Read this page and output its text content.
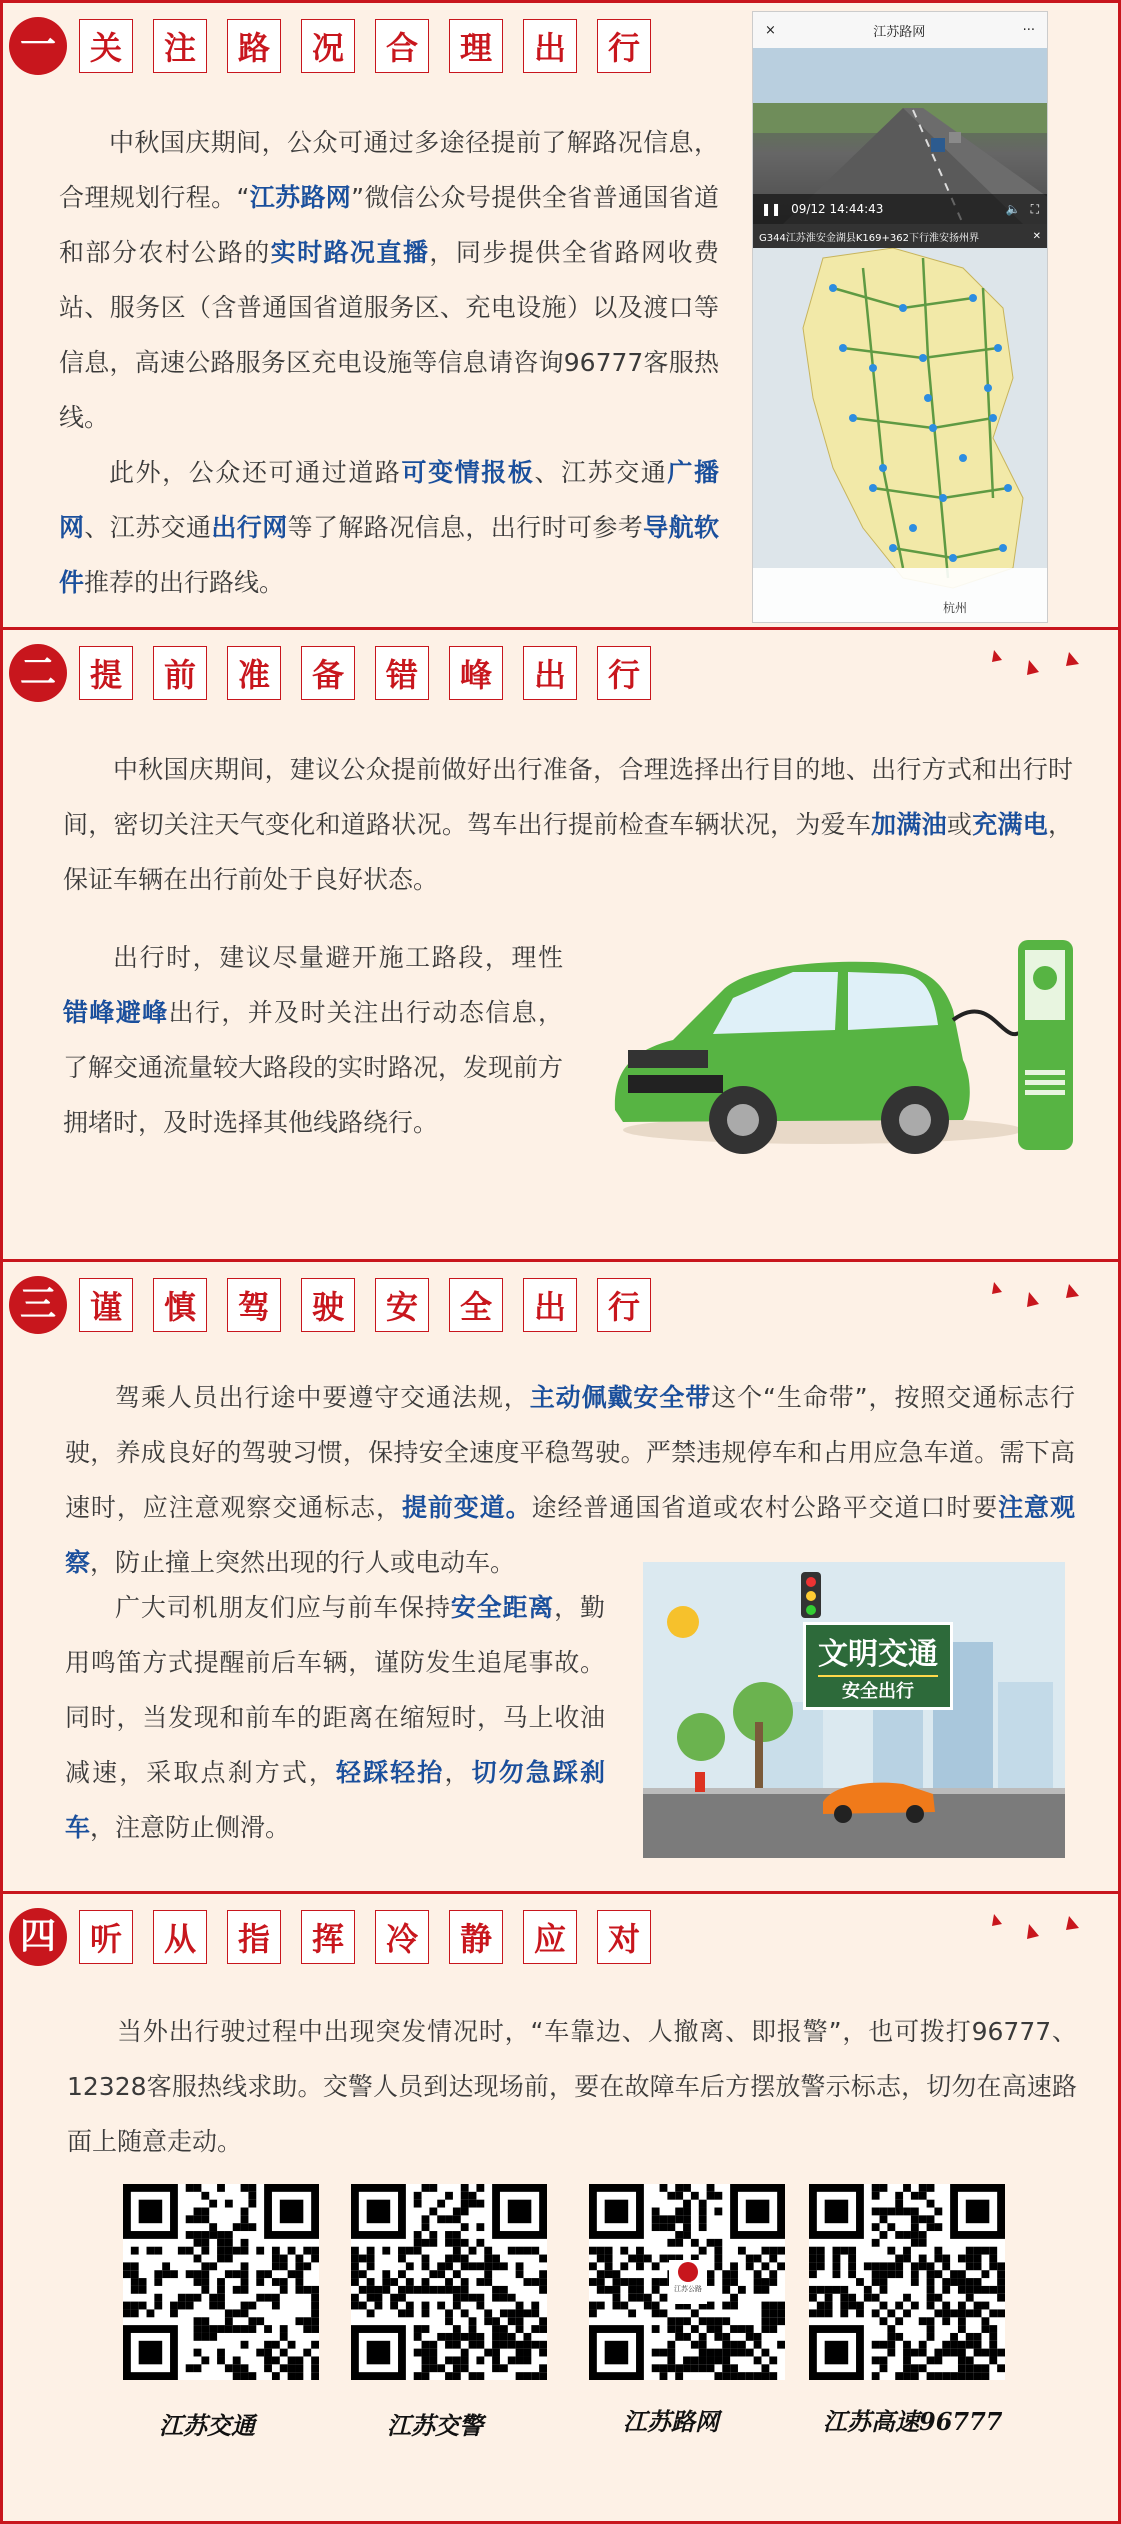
一	关	注	路	况	合	理	出	行
中秋国庆期间，公众可通过多途径提前了解路况信息，合理规划行程。“江苏路网”微信公众号提供全省普通国省道和部分农村公路的实时路况直播，同步提供全省路网收费站、服务区（含普通国省道服务区、充电设施）以及渡口等信息，高速公路服务区充电设施等信息请咨询96777客服热线。
此外，公众还可通过道路可变情报板、江苏交通广播网、江苏交通出行网等了解路况信息，出行时可参考导航软件推荐的出行路线。
×	江苏路网	···
❚❚ 09/12 14:44:43	🔈 ⛶
G344江苏淮安金湖县K169+362下行淮安扬州界	✕
杭州
二	提	前	准	备	错	峰	出	行
中秋国庆期间，建议公众提前做好出行准备，合理选择出行目的地、出行方式和出行时间，密切关注天气变化和道路状况。驾车出行提前检查车辆状况，为爱车加满油或充满电，保证车辆在出行前处于良好状态。
出行时，建议尽量避开施工路段，理性错峰避峰出行，并及时关注出行动态信息，了解交通流量较大路段的实时路况，发现前方拥堵时，及时选择其他线路绕行。
三	谨	慎	驾	驶	安	全	出	行
驾乘人员出行途中要遵守交通法规，主动佩戴安全带这个“生命带”，按照交通标志行驶，养成良好的驾驶习惯，保持安全速度平稳驾驶。严禁违规停车和占用应急车道。需下高速时，应注意观察交通标志，提前变道。途经普通国省道或农村公路平交道口时要注意观察，防止撞上突然出现的行人或电动车。
广大司机朋友们应与前车保持安全距离，勤用鸣笛方式提醒前后车辆，谨防发生追尾事故。同时，当发现和前车的距离在缩短时，马上收油减速，采取点刹方式，轻踩轻抬，切勿急踩刹车，注意防止侧滑。
文明交通
安全出行
四	听	从	指	挥	冷	静	应	对
当外出行驶过程中出现突发情况时，“车靠边、人撤离、即报警”，也可拨打96777、12328客服热线求助。交警人员到达现场前，要在故障车后方摆放警示标志，切勿在高速路面上随意走动。
江苏公路
江苏交通	江苏交警	江苏路网	江苏高速96777
